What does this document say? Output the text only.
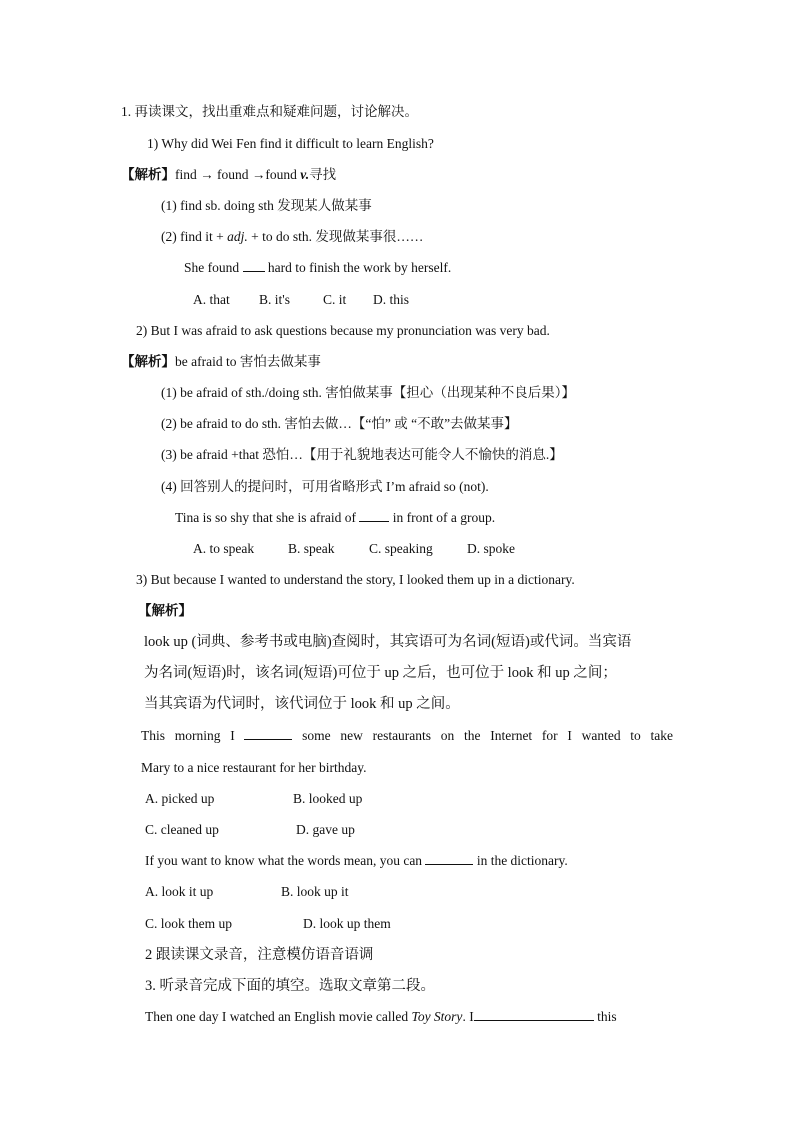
1. 再读课文，找出重难点和疑难问题，讨论解决。
1) Why did Wei Fen find it difficult to learn English?
【解析】find → found →found v.寻找
(1) find sb. doing sth 发现某人做某事
(2) find it + adj. + to do sth. 发现做某事很……
She found  hard to finish the work by herself.
A. that B. it's C. it D. this
2) But I was afraid to ask questions because my pronunciation was very bad.
【解析】be afraid to 害怕去做某事
(1) be afraid of sth./doing sth. 害怕做某事【担心（出现某种不良后果）】
(2) be afraid to do sth. 害怕去做…【“怕” 或 “不敢”去做某事】
(3) be afraid +that 恐怕…【用于礼貌地表达可能令人不愉快的消息.】
(4) 回答别人的提问时，可用省略形式 I’m afraid so (not).
Tina is so shy that she is afraid of  in front of a group.
A. to speak	B. speak	C. speaking	D. spoke
3) But because I wanted to understand the story, I looked them up in a dictionary.
【解析】
look up (词典、参考书或电脑)查阅时，其宾语可为名词(短语)或代词。当宾语
为名词(短语)时，该名词(短语)可位于 up 之后，也可位于 look 和 up 之间；
当其宾语为代词时，该代词位于 look 和 up 之间。
This morning I	some new restaurants on the Internet for I wanted to take
Mary to a nice restaurant for her birthday.
A. picked up	B. looked up
C. cleaned up	D. gave up
If you want to know what the words mean, you can	in the dictionary.
A. look it up	B. look up it
C. look them up	D. look up them
2 跟读课文录音，注意模仿语音语调
3. 听录音完成下面的填空。选取文章第二段。
Then one day I watched an English movie called Toy Story. I	this
